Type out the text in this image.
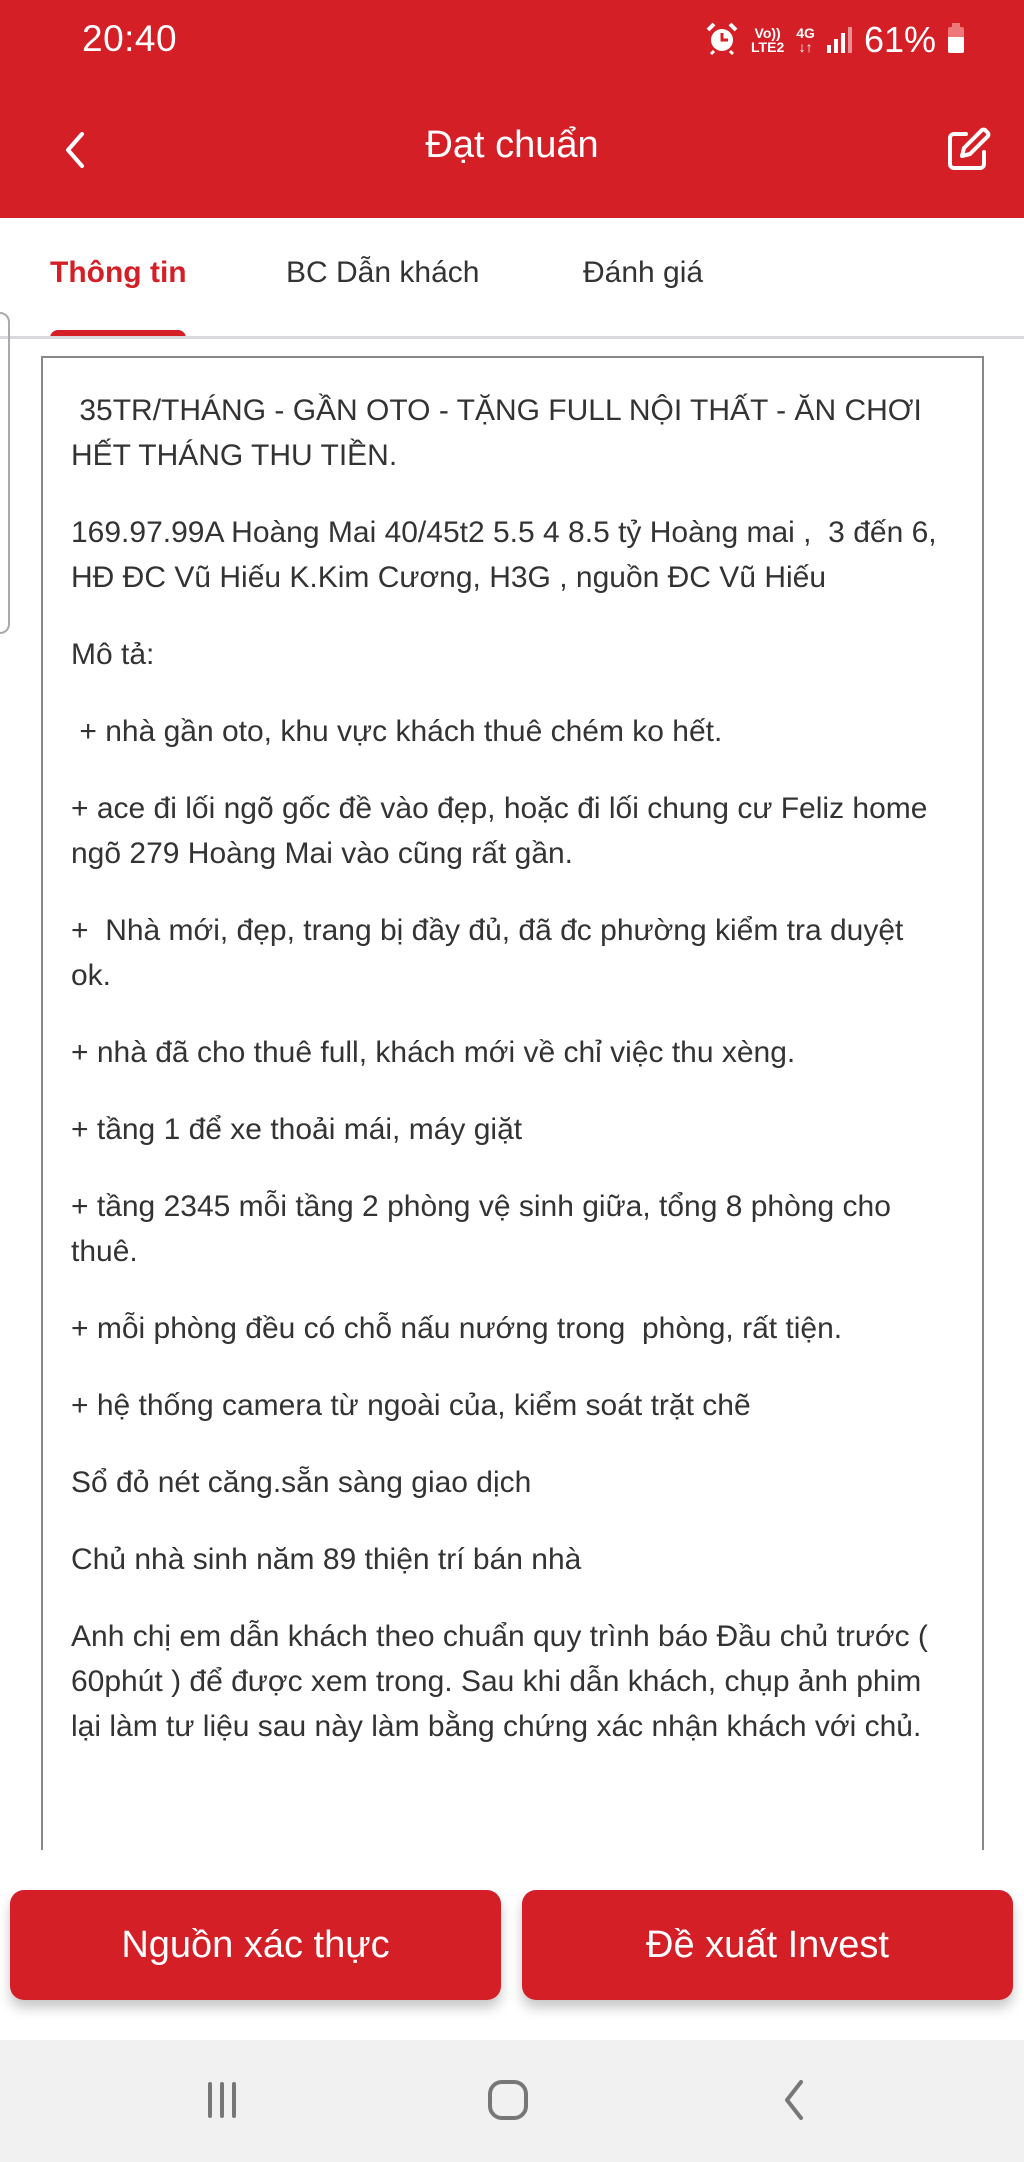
20:40	Vo))
LTE2
4G
↓↑ 61%
Đạt chuẩn
Thông tin	BC Dẫn khách	Đánh giá

35TR/THÁNG - GẦN OTO - TẶNG FULL NỘI THẤT - ĂN CHƠI HẾT THÁNG THU TIỀN.

169.97.99A Hoàng Mai 40/45t2 5.5 4 8.5 tỷ Hoàng mai ,  3 đến 6, HĐ ĐC Vũ Hiếu K.Kim Cương, H3G , nguồn ĐC Vũ Hiếu

Mô tả:

+ nhà gần oto, khu vực khách thuê chém ko hết.

+ ace đi lối ngõ gốc đề vào đẹp, hoặc đi lối chung cư Feliz home ngõ 279 Hoàng Mai vào cũng rất gần.

+  Nhà mới, đẹp, trang bị đầy đủ, đã đc phường kiểm tra duyệt ok.

+ nhà đã cho thuê full, khách mới về chỉ việc thu xèng.

+ tầng 1 để xe thoải mái, máy giặt

+ tầng 2345 mỗi tầng 2 phòng vệ sinh giữa, tổng 8 phòng cho thuê.

+ mỗi phòng đều có chỗ nấu nướng trong  phòng, rất tiện.

+ hệ thống camera từ ngoài của, kiểm soát trặt chẽ

Sổ đỏ nét căng.sẵn sàng giao dịch

Chủ nhà sinh năm 89 thiện trí bán nhà

Anh chị em dẫn khách theo chuẩn quy trình báo Đầu chủ trước ( 60phút ) để được xem trong. Sau khi dẫn khách, chụp ảnh phim lại làm tư liệu sau này làm bằng chứng xác nhận khách với chủ.

Nguồn xác thực	Đề xuất Invest
